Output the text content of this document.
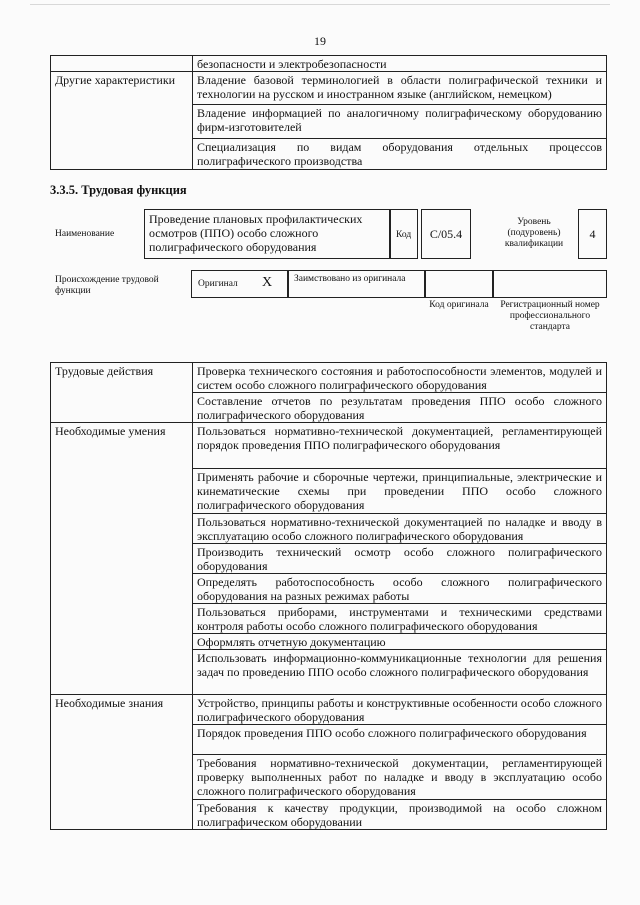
19
	безопасности и электробезопасности
Другие характеристики	Владение базовой терминологией в области полиграфической техники и технологии на русском и иностранном языке (английском, немецком)
	Владение информацией по аналогичному полиграфическому оборудованию фирм-изготовителей
	Специализация по видам оборудования отдельных процессов полиграфического производства
3.3.5. Трудовая функция
Наименование
Проведение плановых профилактических осмотров (ППО) особо сложного полиграфического оборудования
Код	C/05.4
Уровень (подуровень) квалификации
4
Происхождение трудовой функции
Оригинал X Заимствовано из оригинала
Код оригинала	Регистрационный номер профессионального стандарта
Трудовые действия	Проверка технического состояния и работоспособности элементов, модулей и систем особо сложного полиграфического оборудования
	Составление отчетов по результатам проведения ППО особо сложного полиграфического оборудования
Необходимые умения	Пользоваться нормативно-технической документацией, регламентирующей порядок проведения ППО полиграфического оборудования
	Применять рабочие и сборочные чертежи, принципиальные, электрические и кинематические схемы при проведении ППО особо сложного полиграфического оборудования
	Пользоваться нормативно-технической документацией по наладке и вводу в эксплуатацию особо сложного полиграфического оборудования
	Производить технический осмотр особо сложного полиграфического оборудования
	Определять работоспособность особо сложного полиграфического оборудования на разных режимах работы
	Пользоваться приборами, инструментами и техническими средствами контроля работы особо сложного полиграфического оборудования
	Оформлять отчетную документацию
	Использовать информационно-коммуникационные технологии для решения задач по проведению ППО особо сложного полиграфического оборудования
Необходимые знания	Устройство, принципы работы и конструктивные особенности особо сложного полиграфического оборудования
	Порядок проведения ППО особо сложного полиграфического оборудования
	Требования нормативно-технической документации, регламентирующей проверку выполненных работ по наладке и вводу в эксплуатацию особо сложного полиграфического оборудования
	Требования к качеству продукции, производимой на особо сложном полиграфическом оборудовании
